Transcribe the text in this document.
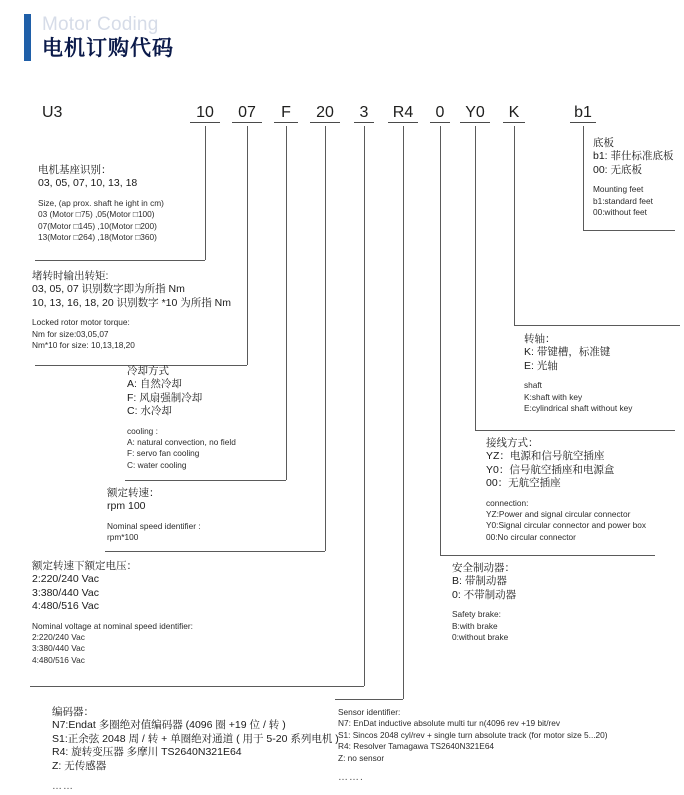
Motor Coding
电机订购代码
U3	10	07	F	20	3	R4	0	Y0	K	b1
电机基座识别：
03, 05, 07, 10, 13, 18
Size, (ap prox. shaft he ight in cm)
03 (Motor □75) ,05(Motor □100)
07(Motor □145) ,10(Motor □200)
13(Motor □264) ,18(Motor □360)
堵转时输出转矩:
03, 05, 07 识别数字即为所指 Nm
10, 13, 16, 18, 20 识别数字 *10 为所指 Nm
Locked rotor motor torque:
Nm for size:03,05,07
Nm*10 for size: 10,13,18,20
冷却方式
A: 自然冷却
F: 风扇强制冷却
C: 水冷却
cooling :
A: natural convection, no field
F: servo fan cooling
C: water cooling
额定转速：
rpm 100
Nominal speed identifier :
rpm*100
额定转速下额定电压：
2:220/240 Vac
3:380/440 Vac
4:480/516 Vac
Nominal voltage at nominal speed identifier:
2:220/240 Vac
3:380/440 Vac
4:480/516 Vac
编码器：
N7:Endat 多圈绝对值编码器 (4096 圈 +19 位 / 转 )
S1:正余弦 2048 周 / 转 + 单圈绝对通道 ( 用于 5-20 系列电机 )
R4: 旋转变压器 多摩川 TS2640N321E64
Z: 无传感器
……
Sensor identifier:
N7: EnDat inductive absolute multi tur n(4096 rev +19 bit/rev
S1: Sincos 2048 cyl/rev + single turn absolute track (for motor size 5...20)
R4: Resolver Tamagawa TS2640N321E64
Z: no sensor
…….
安全制动器：
B: 带制动器
0: 不带制动器
Safety brake:
B:with brake
0:without brake
接线方式：
YZ：电源和信号航空插座
Y0：信号航空插座和电源盒
00：无航空插座
connection:
YZ:Power and signal circular connector
Y0:Signal circular connector and power box
00:No circular connector
转轴：
K: 带键槽，标准键
E: 光轴
shaft
K:shaft with key
E:cylindrical shaft without key
底板
b1: 菲仕标准底板
00: 无底板
Mounting feet
b1:standard feet
00:without feet
